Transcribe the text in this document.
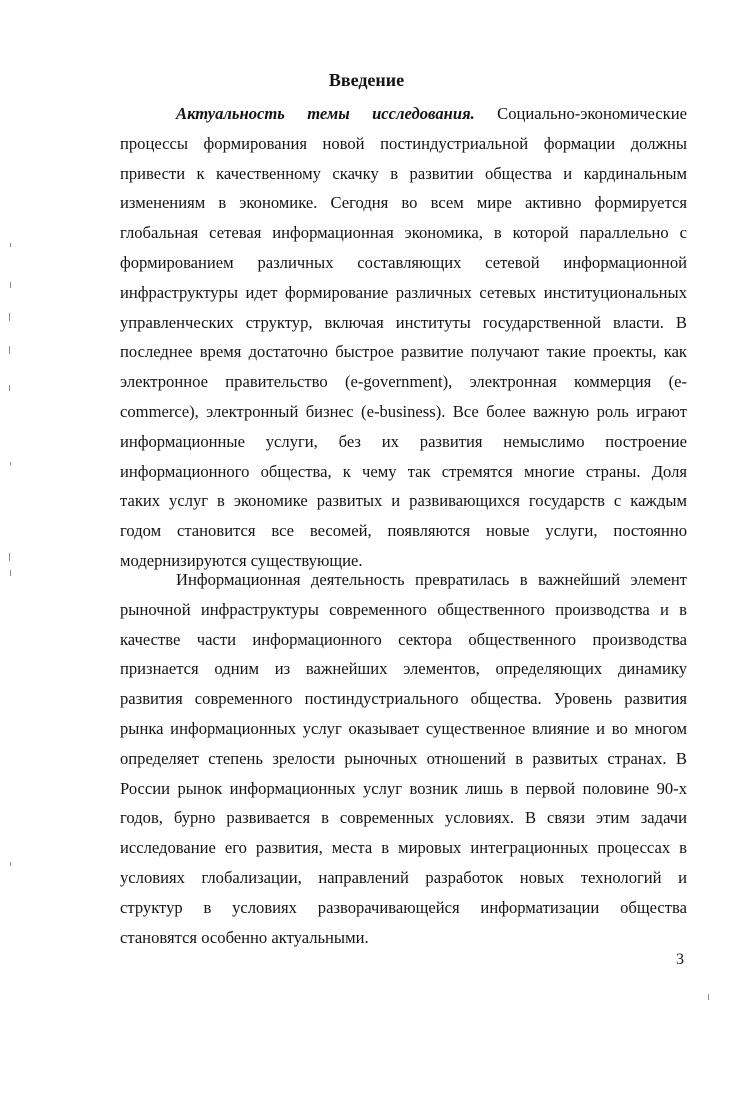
Введение
Актуальность темы исследования. Социально-экономические
процессы формирования новой постиндустриальной формации должны
привести к качественному скачку в развитии общества и кардинальным
изменениям в экономике. Сегодня во всем мире активно формируется
глобальная сетевая информационная экономика, в которой параллельно с
формированием различных составляющих сетевой информационной
инфраструктуры идет формирование различных сетевых институциональных
управленческих структур, включая институты государственной власти. В
последнее время достаточно быстрое развитие получают такие проекты, как
электронное правительство (e-government), электронная коммерция (e-
commerce), электронный бизнес (e-business). Все более важную роль играют
информационные услуги, без их развития немыслимо построение
информационного общества, к чему так стремятся многие страны. Доля
таких услуг в экономике развитых и развивающихся государств с каждым
годом становится все весомей, появляются новые услуги, постоянно
модернизируются существующие.
Информационная деятельность превратилась в важнейший элемент
рыночной инфраструктуры современного общественного производства и в
качестве части информационного сектора общественного производства
признается одним из важнейших элементов, определяющих динамику
развития современного постиндустриального общества. Уровень развития
рынка информационных услуг оказывает существенное влияние и во многом
определяет степень зрелости рыночных отношений в развитых странах. В
России рынок информационных услуг возник лишь в первой половине 90-х
годов, бурно развивается в современных условиях. В связи этим задачи
исследование его развития, места в мировых интеграционных процессах в
условиях глобализации, направлений разработок новых технологий и
структур в условиях разворачивающейся информатизации общества
становятся особенно актуальными.
3
